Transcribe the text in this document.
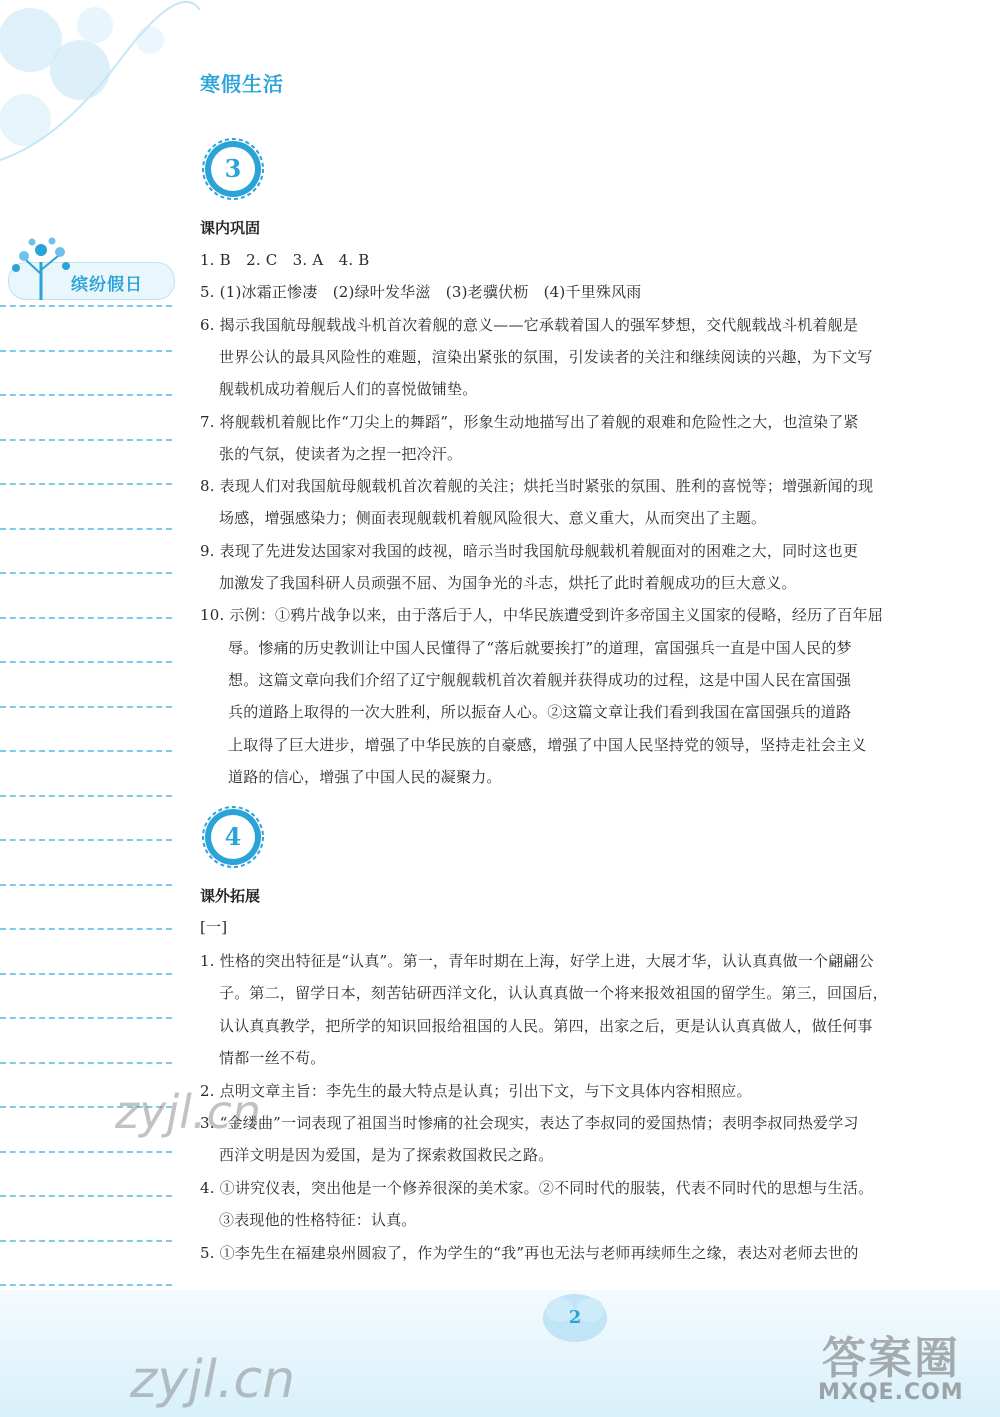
寒假生活
缤纷假日
3
课内巩固
1. B　2. C　3. A　4. B
5. (1)冰霜正惨凄　(2)绿叶发华滋　(3)老骥伏枥　(4)千里殊风雨
6. 揭示我国航母舰载战斗机首次着舰的意义——它承载着国人的强军梦想，交代舰载战斗机着舰是
世界公认的最具风险性的难题，渲染出紧张的氛围，引发读者的关注和继续阅读的兴趣，为下文写
舰载机成功着舰后人们的喜悦做铺垫。
7. 将舰载机着舰比作“刀尖上的舞蹈”，形象生动地描写出了着舰的艰难和危险性之大，也渲染了紧
张的气氛，使读者为之捏一把冷汗。
8. 表现人们对我国航母舰载机首次着舰的关注；烘托当时紧张的氛围、胜利的喜悦等；增强新闻的现
场感，增强感染力；侧面表现舰载机着舰风险很大、意义重大，从而突出了主题。
9. 表现了先进发达国家对我国的歧视，暗示当时我国航母舰载机着舰面对的困难之大，同时这也更
加激发了我国科研人员顽强不屈、为国争光的斗志，烘托了此时着舰成功的巨大意义。
10. 示例：①鸦片战争以来，由于落后于人，中华民族遭受到许多帝国主义国家的侵略，经历了百年屈
辱。惨痛的历史教训让中国人民懂得了“落后就要挨打”的道理，富国强兵一直是中国人民的梦
想。这篇文章向我们介绍了辽宁舰舰载机首次着舰并获得成功的过程，这是中国人民在富国强
兵的道路上取得的一次大胜利，所以振奋人心。②这篇文章让我们看到我国在富国强兵的道路
上取得了巨大进步，增强了中华民族的自豪感，增强了中国人民坚持党的领导，坚持走社会主义
道路的信心，增强了中国人民的凝聚力。
4
课外拓展
[一]
1. 性格的突出特征是“认真”。第一，青年时期在上海，好学上进，大展才华，认认真真做一个翩翩公
子。第二，留学日本，刻苦钻研西洋文化，认认真真做一个将来报效祖国的留学生。第三，回国后，
认认真真教学，把所学的知识回报给祖国的人民。第四，出家之后，更是认认真真做人，做任何事
情都一丝不苟。
2. 点明文章主旨：李先生的最大特点是认真；引出下文，与下文具体内容相照应。
3. “金缕曲”一词表现了祖国当时惨痛的社会现实，表达了李叔同的爱国热情；表明李叔同热爱学习
西洋文明是因为爱国，是为了探索救国救民之路。
4. ①讲究仪表，突出他是一个修养很深的美术家。②不同时代的服装，代表不同时代的思想与生活。
③表现他的性格特征：认真。
5. ①李先生在福建泉州圆寂了，作为学生的“我”再也无法与老师再续师生之缘，表达对老师去世的
2
zyjl.cn
zyjl.cn	答案圈
MXQE.COM
